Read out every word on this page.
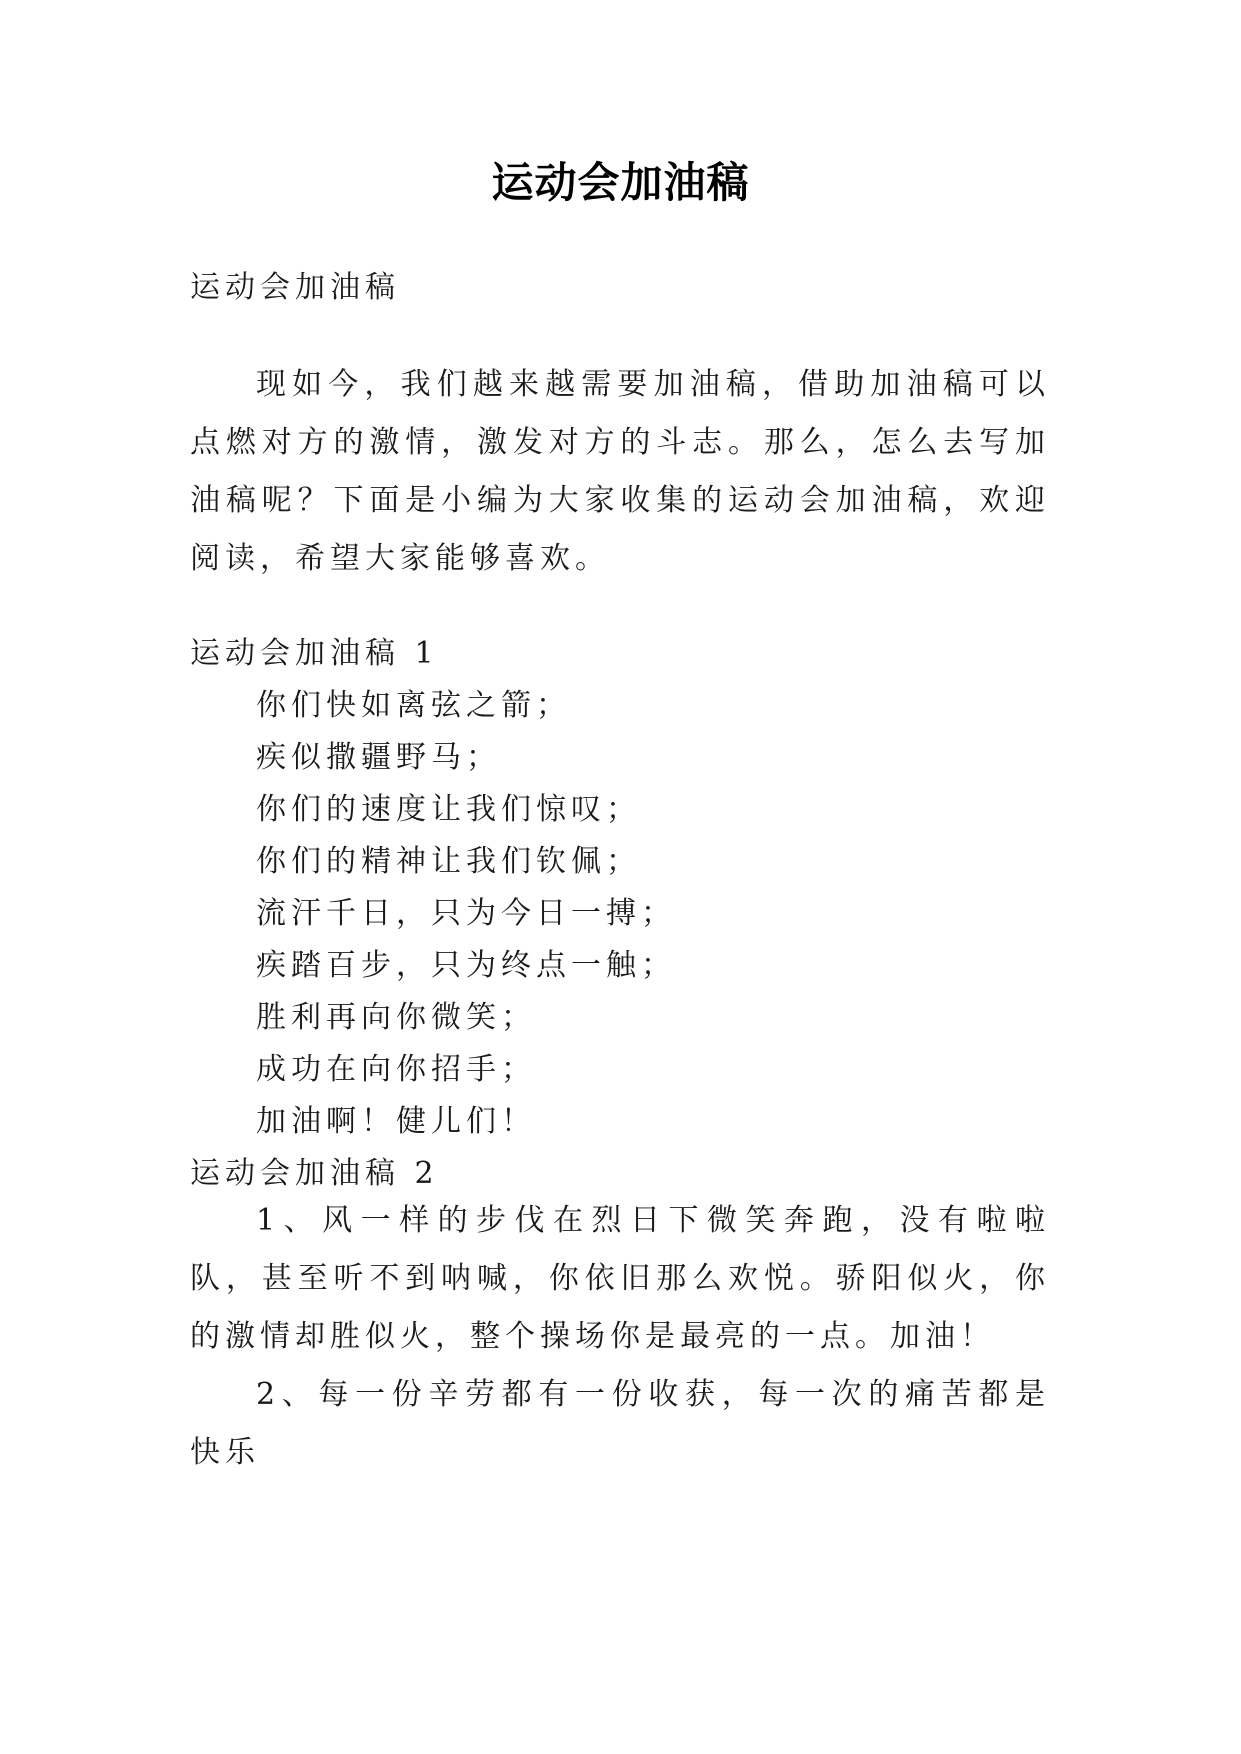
运动会加油稿
运动会加油稿
现如今，我们越来越需要加油稿，借助加油稿可以点燃对方的激情，激发对方的斗志。那么，怎么去写加油稿呢？下面是小编为大家收集的运动会加油稿，欢迎阅读，希望大家能够喜欢。
运动会加油稿 1
你们快如离弦之箭；
疾似撒疆野马；
你们的速度让我们惊叹；
你们的精神让我们钦佩；
流汗千日，只为今日一搏；
疾踏百步，只为终点一触；
胜利再向你微笑；
成功在向你招手；
加油啊！健儿们！
运动会加油稿 2
1、风一样的步伐在烈日下微笑奔跑，没有啦啦队，甚至听不到呐喊，你依旧那么欢悦。骄阳似火，你的激情却胜似火，整个操场你是最亮的一点。加油！
2、每一份辛劳都有一份收获，每一次的痛苦都是快乐
